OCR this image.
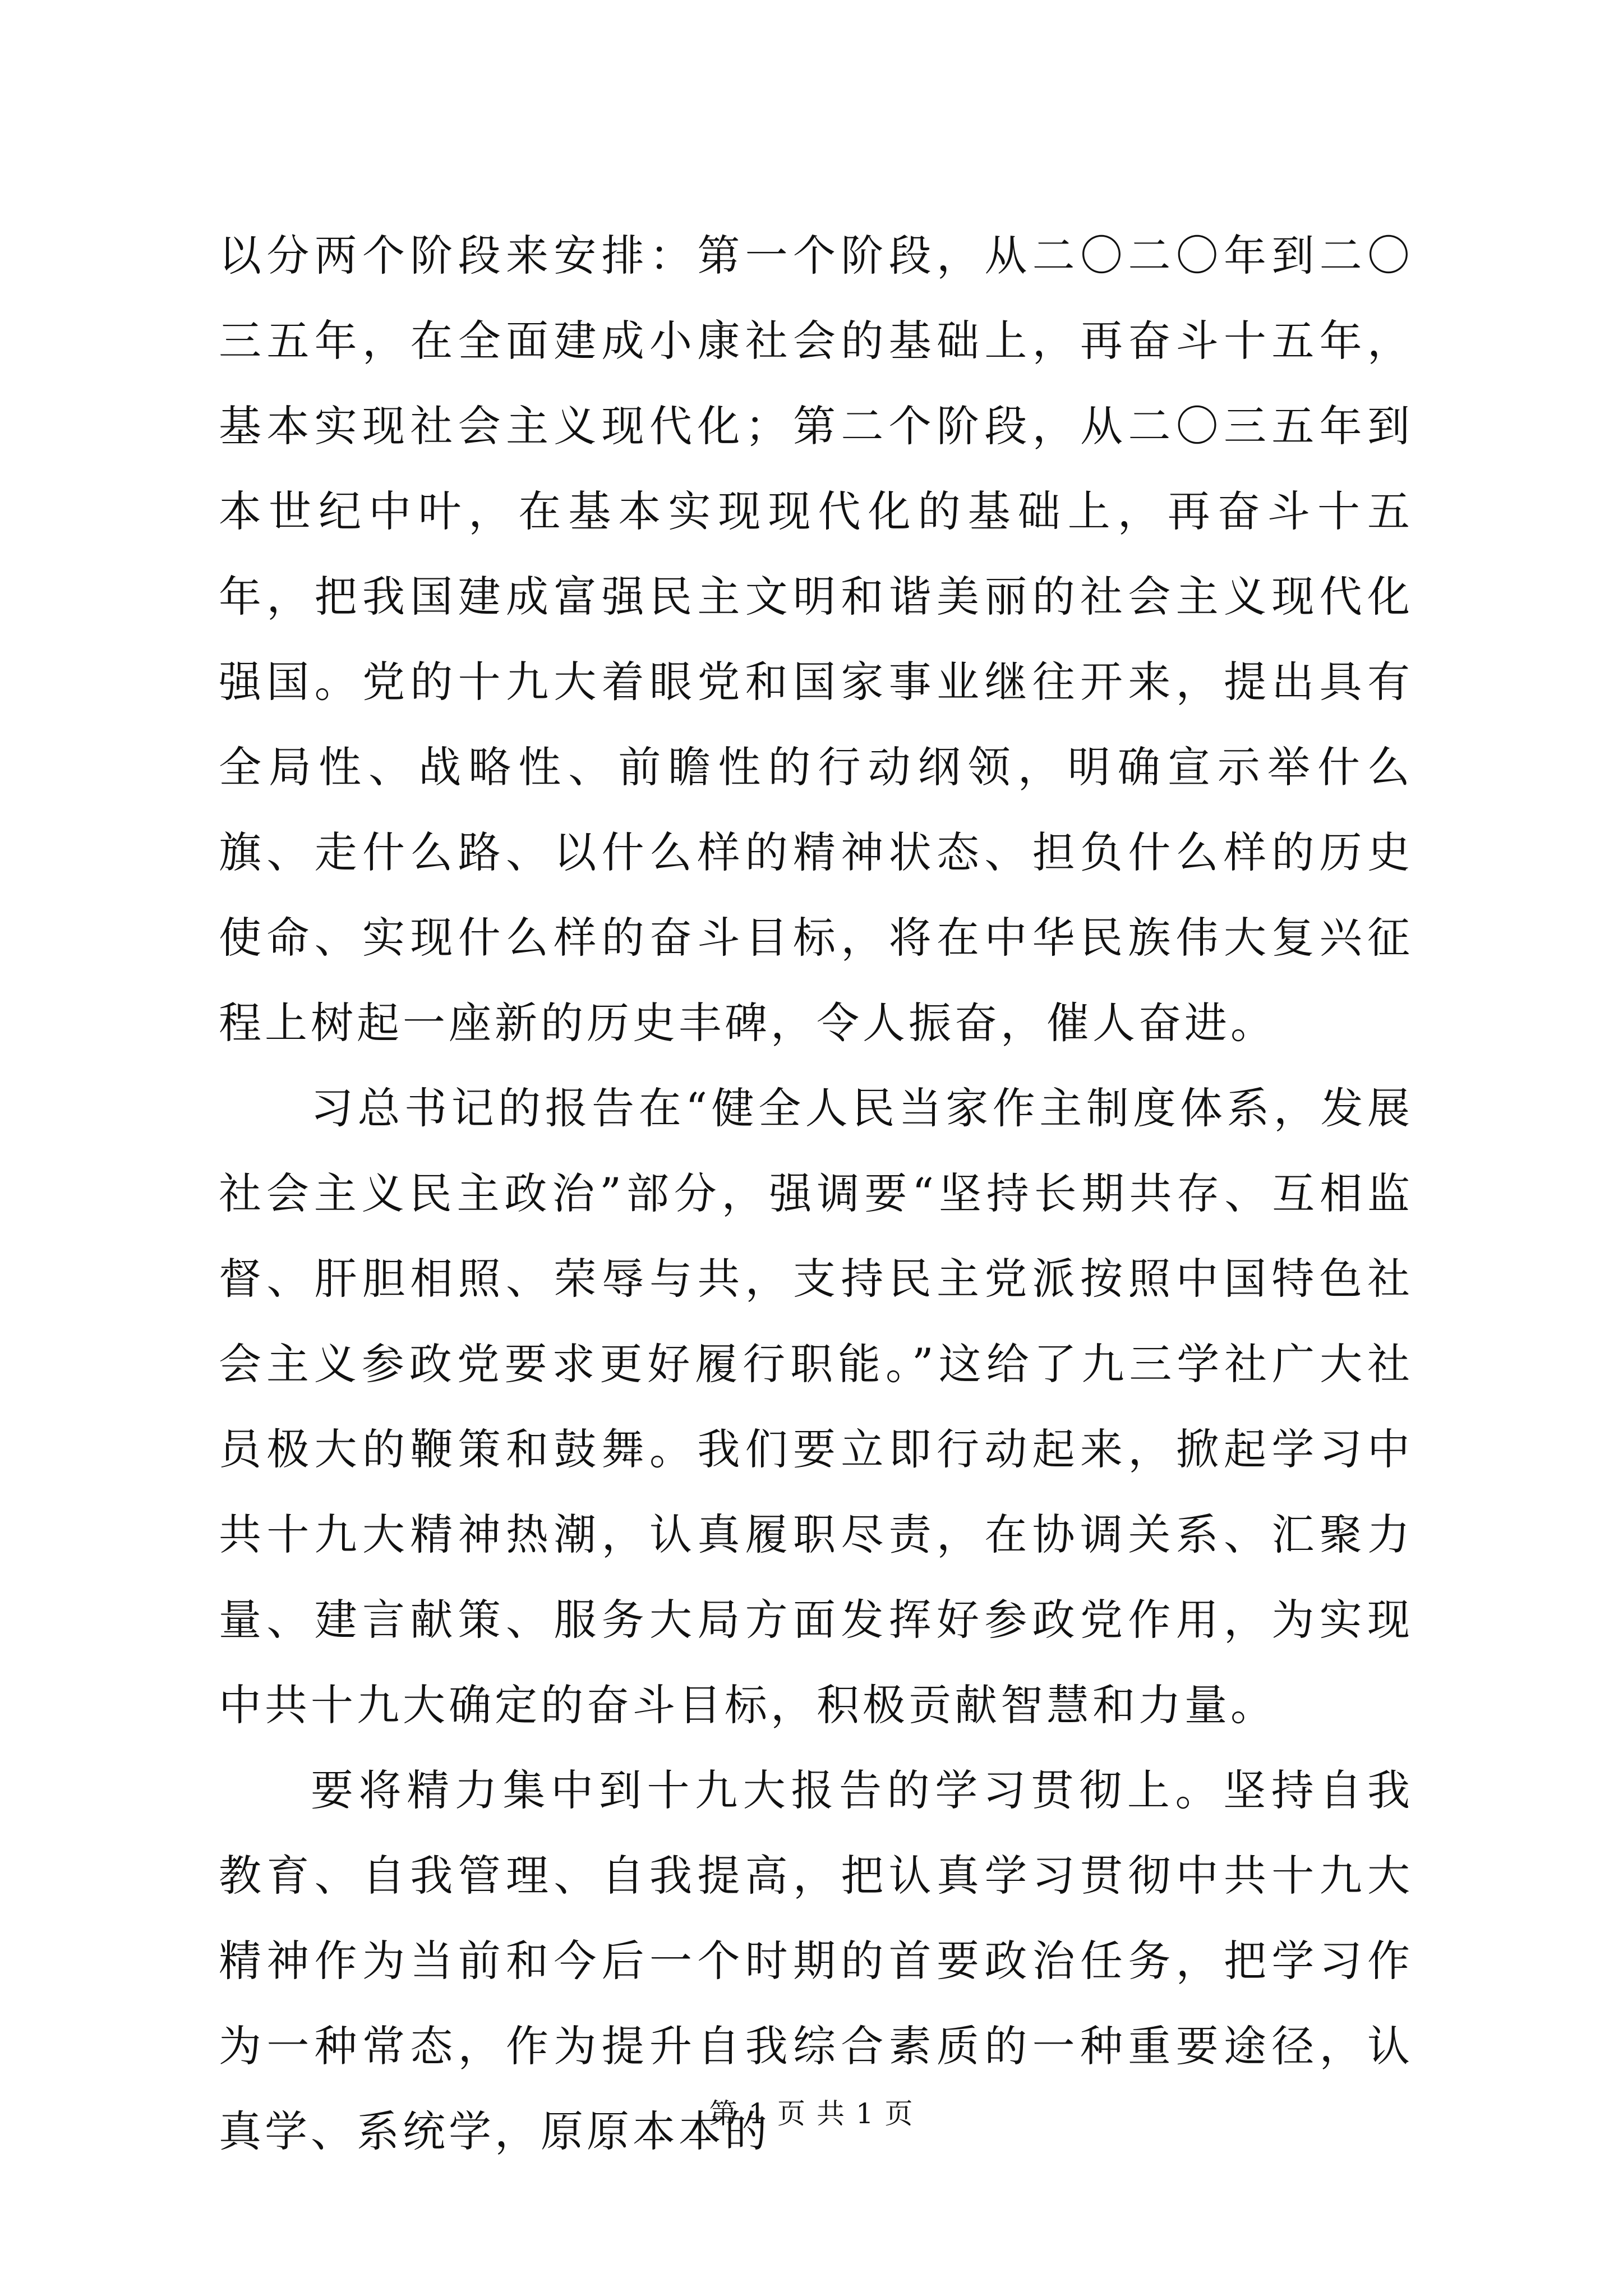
以分两个阶段来安排：第一个阶段，从二〇二〇年到二〇三五年，在全面建成小康社会的基础上，再奋斗十五年，基本实现社会主义现代化；第二个阶段，从二〇三五年到本世纪中叶，在基本实现现代化的基础上，再奋斗十五年，把我国建成富强民主文明和谐美丽的社会主义现代化强国。党的十九大着眼党和国家事业继往开来，提出具有全局性、战略性、前瞻性的行动纲领，明确宣示举什么旗、走什么路、以什么样的精神状态、担负什么样的历史使命、实现什么样的奋斗目标，将在中华民族伟大复兴征程上树起一座新的历史丰碑，令人振奋，催人奋进。

习总书记的报告在“健全人民当家作主制度体系，发展社会主义民主政治”部分，强调要“坚持长期共存、互相监督、肝胆相照、荣辱与共，支持民主党派按照中国特色社会主义参政党要求更好履行职能。”这给了九三学社广大社员极大的鞭策和鼓舞。我们要立即行动起来，掀起学习中共十九大精神热潮，认真履职尽责，在协调关系、汇聚力量、建言献策、服务大局方面发挥好参政党作用，为实现中共十九大确定的奋斗目标，积极贡献智慧和力量。

要将精力集中到十九大报告的学习贯彻上。坚持自我教育、自我管理、自我提高，把认真学习贯彻中共十九大精神作为当前和今后一个时期的首要政治任务，把学习作为一种常态，作为提升自我综合素质的一种重要途径，认真学、系统学，原原本本的

第 1 页 共 1 页
